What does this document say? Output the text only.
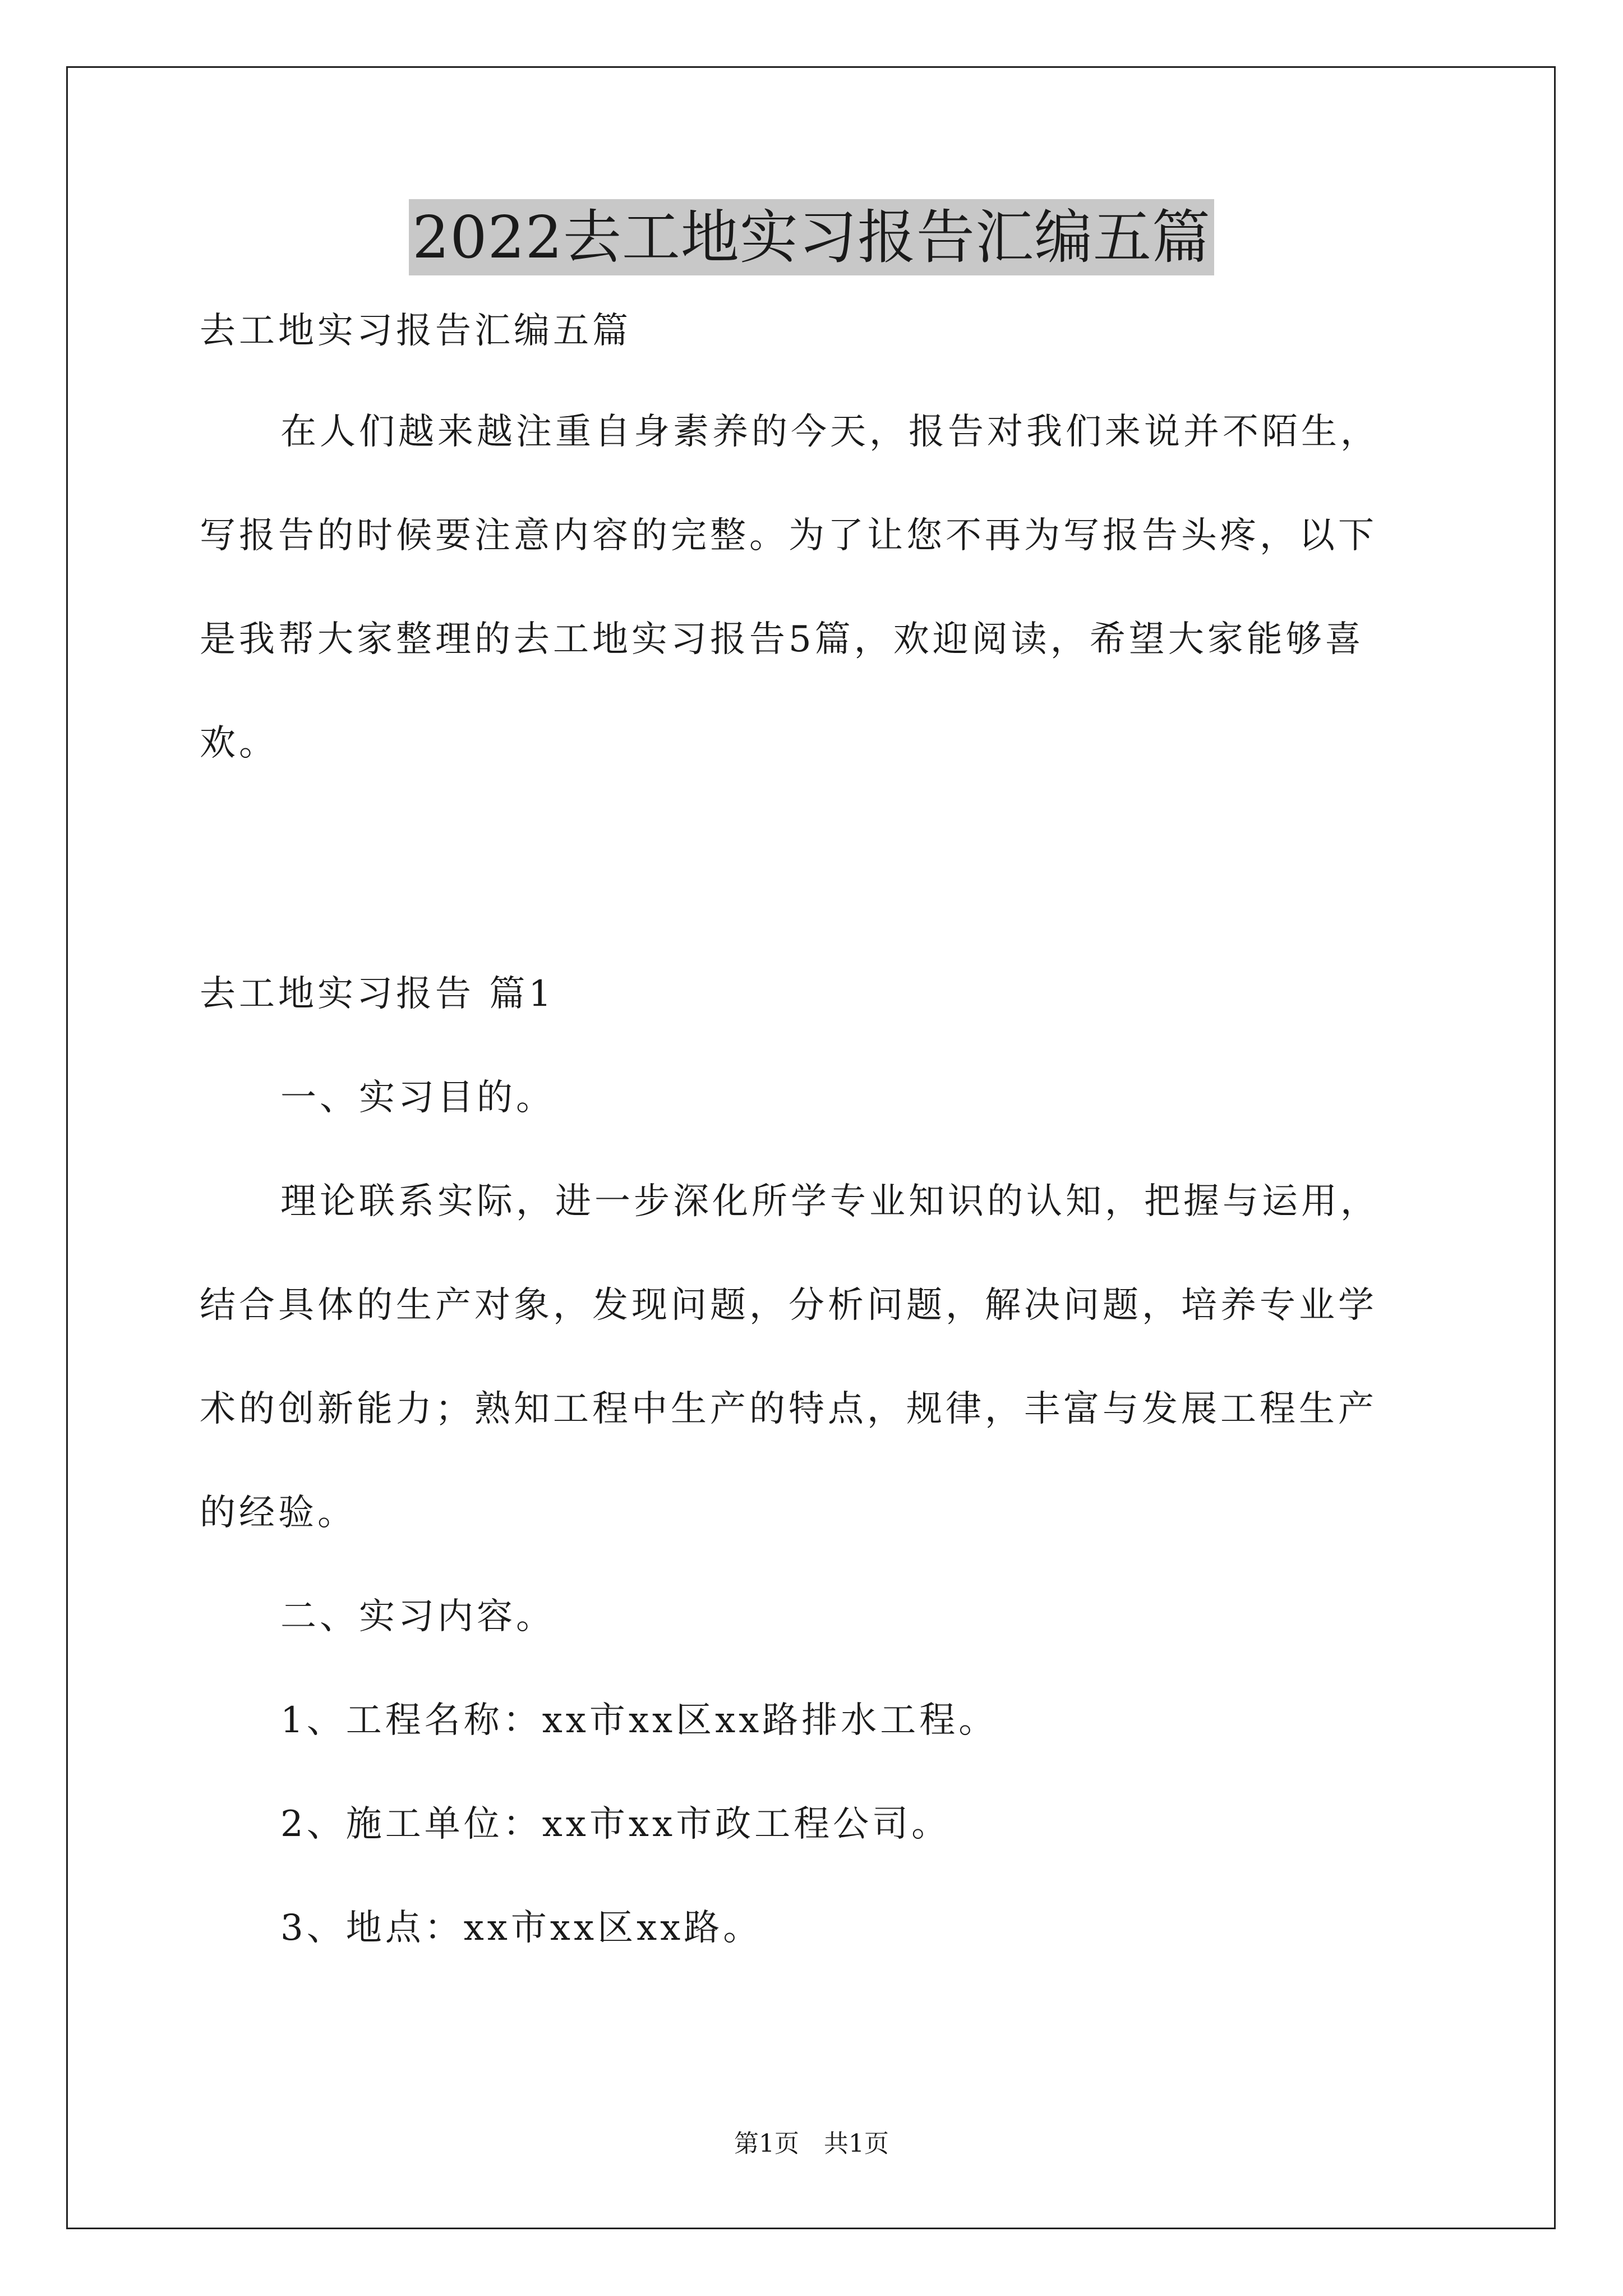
2022去工地实习报告汇编五篇
去工地实习报告汇编五篇
在人们越来越注重自身素养的今天，报告对我们来说并不陌生，
写报告的时候要注意内容的完整。为了让您不再为写报告头疼，以下
是我帮大家整理的去工地实习报告5篇，欢迎阅读，希望大家能够喜
欢。
去工地实习报告 篇1
一、实习目的。
理论联系实际，进一步深化所学专业知识的认知，把握与运用，
结合具体的生产对象，发现问题，分析问题，解决问题，培养专业学
术的创新能力；熟知工程中生产的特点，规律，丰富与发展工程生产
的经验。
二、实习内容。
1、工程名称：xx市xx区xx路排水工程。
2、施工单位：xx市xx市政工程公司。
3、地点：xx市xx区xx路。
第1页 共1页
